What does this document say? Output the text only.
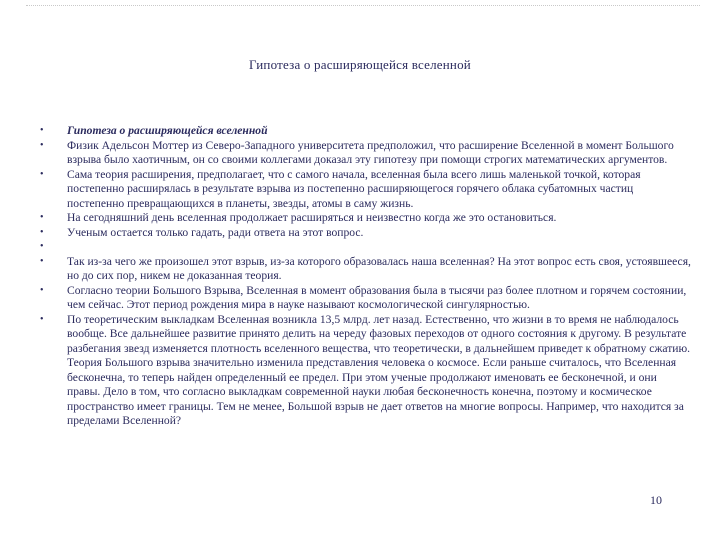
Гипотеза о расширяющейся вселенной
•	Гипотеза о расширяющейся вселенной
•	Физик Адельсон Моттер из Северо-Западного университета предположил, что расширение Вселенной в момент Большого взрыва было хаотичным, он со своими коллегами доказал эту гипотезу при помощи строгих математических аргументов.
•	Сама теория расширения, предполагает, что с самого начала, вселенная была всего лишь маленькой точкой, которая постепенно расширялась в результате взрыва из постепенно расширяющегося горячего облака субатомных частиц постепенно превращающихся в планеты, звезды, атомы в саму жизнь.
•	На сегодняшний день вселенная продолжает расширяться и неизвестно когда же это остановиться.
•	Ученым остается только гадать, ради ответа на этот вопрос.
•
•	Так из-за чего же произошел этот взрыв, из-за которого образовалась наша вселенная? На этот вопрос есть своя, устоявшееся, но до сих пор, никем не доказанная теория.
•	Согласно теории Большого Взрыва, Вселенная в момент образования была в тысячи раз более плотном и горячем состоянии, чем сейчас. Этот период рождения мира в науке называют космологической сингулярностью.
•	По теоретическим выкладкам Вселенная возникла 13,5 млрд. лет назад. Естественно, что жизни в то время не наблюдалось вообще. Все дальнейшее развитие принято делить на череду фазовых переходов от одного состояния к другому. В результате разбегания звезд изменяется плотность вселенного вещества, что теоретически, в дальнейшем приведет к обратному сжатию. Теория Большого взрыва значительно изменила представления человека о космосе. Если раньше считалось, что Вселенная бесконечна, то теперь найден определенный ее предел. При этом ученые продолжают именовать ее бесконечной, и они правы. Дело в том, что согласно выкладкам современной науки любая бесконечность конечна, поэтому и космическое пространство имеет границы. Тем не менее, Большой взрыв не дает ответов на многие вопросы. Например, что находится за пределами Вселенной?
10
